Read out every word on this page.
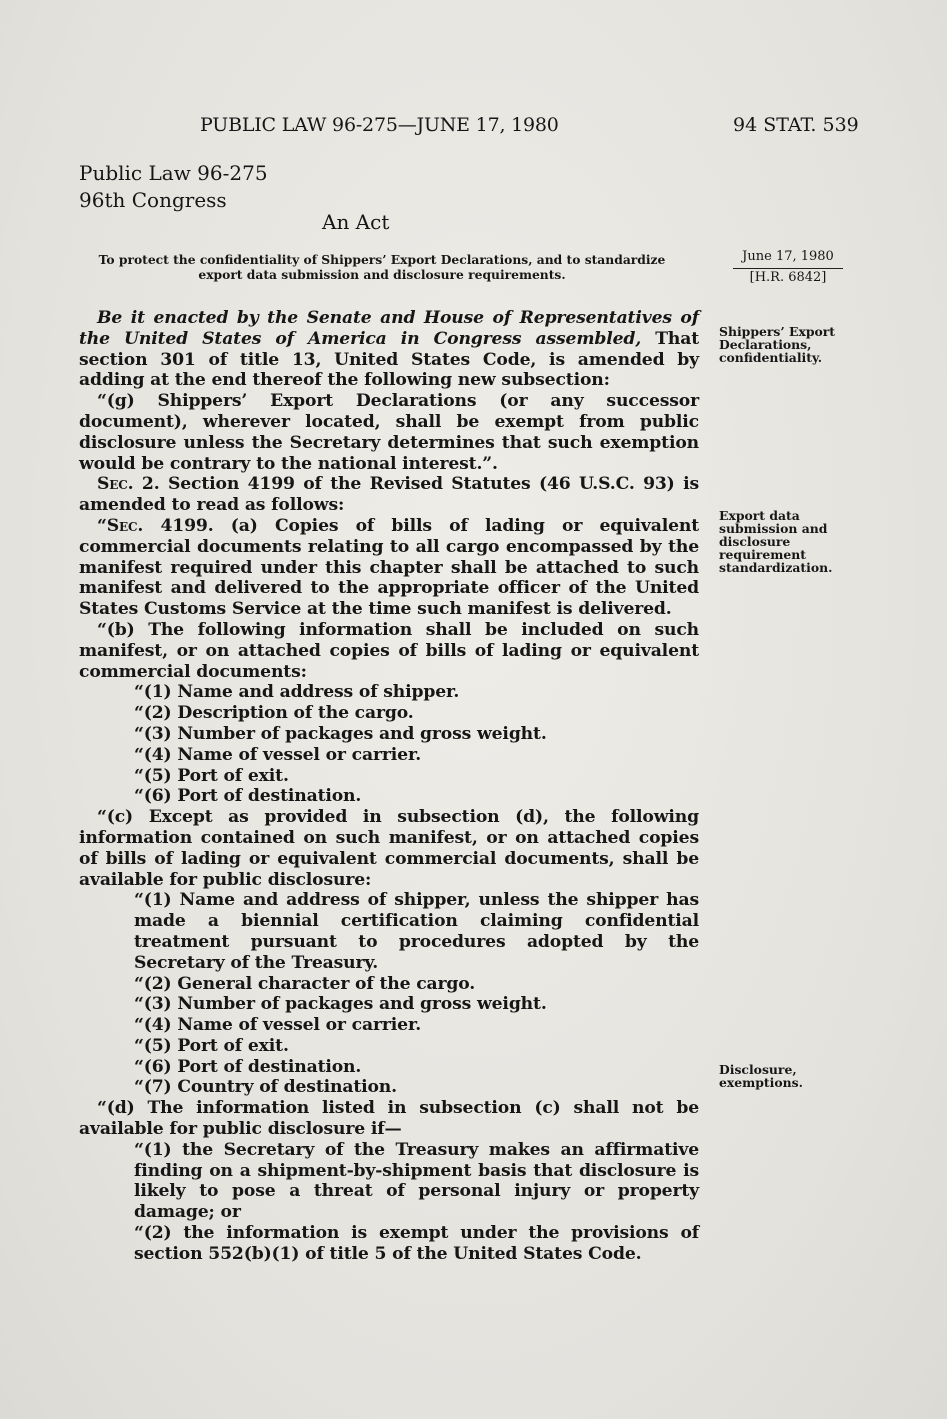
PUBLIC LAW 96-275—JUNE 17, 1980	94 STAT. 539
Public Law 96-275
96th Congress
An Act
To protect the confidentiality of Shippers’ Export Declarations, and to standardize export data submission and disclosure requirements.
June 17, 1980
[H.R. 6842]
Shippers’ Export Declarations, confidentiality.
Export data submission and disclosure requirement standardization.
Disclosure, exemptions.

Be it enacted by the Senate and House of Representatives of the United States of America in Congress assembled, That section 301 of title 13, United States Code, is amended by adding at the end thereof the following new subsection:

“(g) Shippers’ Export Declarations (or any successor document), wherever located, shall be exempt from public disclosure unless the Secretary determines that such exemption would be contrary to the national interest.”.

Sec. 2. Section 4199 of the Revised Statutes (46 U.S.C. 93) is amended to read as follows:

“Sec. 4199. (a) Copies of bills of lading or equivalent commercial documents relating to all cargo encompassed by the manifest required under this chapter shall be attached to such manifest and delivered to the appropriate officer of the United States Customs Service at the time such manifest is delivered.

“(b) The following information shall be included on such manifest, or on attached copies of bills of lading or equivalent commercial documents:

“(1) Name and address of shipper.

“(2) Description of the cargo.

“(3) Number of packages and gross weight.

“(4) Name of vessel or carrier.

“(5) Port of exit.

“(6) Port of destination.

“(c) Except as provided in subsection (d), the following information contained on such manifest, or on attached copies of bills of lading or equivalent commercial documents, shall be available for public disclosure:

“(1) Name and address of shipper, unless the shipper has made a biennial certification claiming confidential treatment pursuant to procedures adopted by the Secretary of the Treasury.

“(2) General character of the cargo.

“(3) Number of packages and gross weight.

“(4) Name of vessel or carrier.

“(5) Port of exit.

“(6) Port of destination.

“(7) Country of destination.

“(d) The information listed in subsection (c) shall not be available for public disclosure if—

“(1) the Secretary of the Treasury makes an affirmative finding on a shipment-by-shipment basis that disclosure is likely to pose a threat of personal injury or property damage; or

“(2) the information is exempt under the provisions of section 552(b)(1) of title 5 of the United States Code.
